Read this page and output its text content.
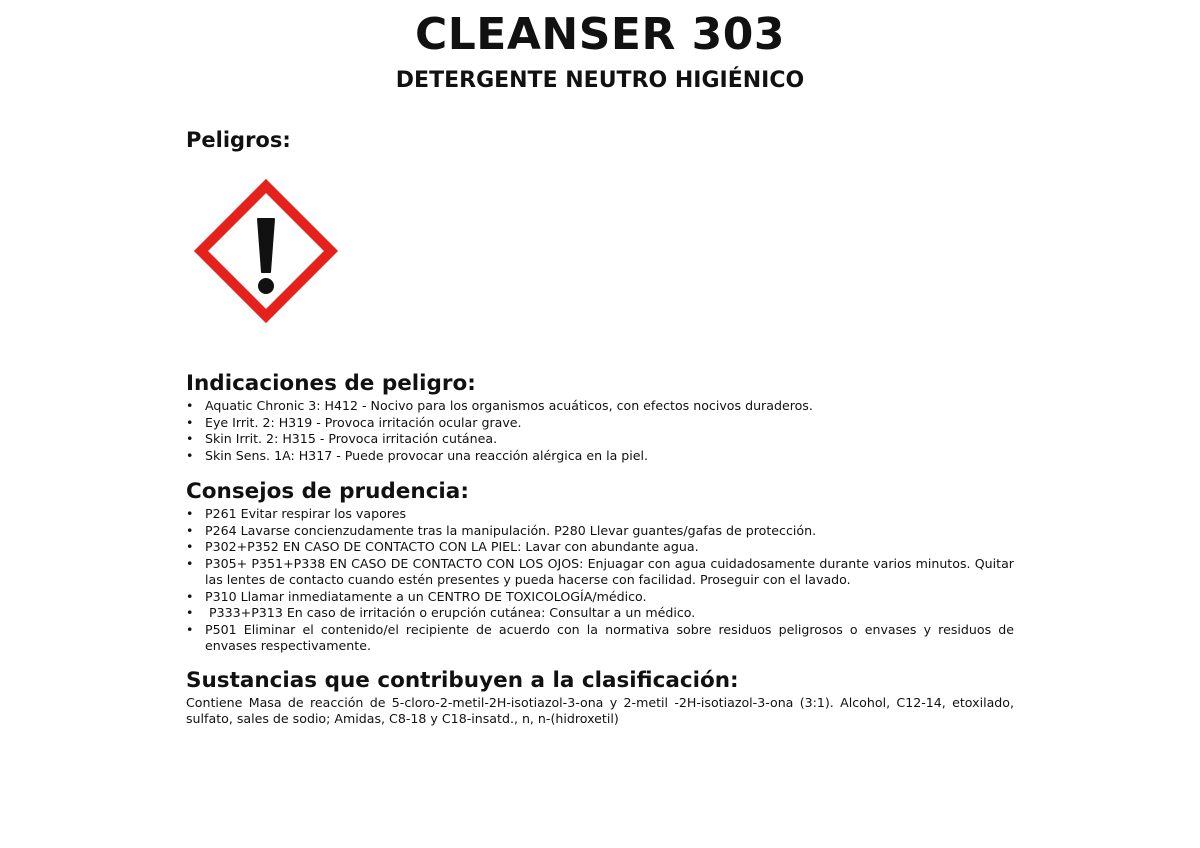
CLEANSER 303
DETERGENTE NEUTRO HIGIÉNICO
Peligros:
Indicaciones de peligro:
• Aquatic Chronic 3: H412 - Nocivo para los organismos acuáticos, con efectos nocivos duraderos.
• Eye Irrit. 2: H319 - Provoca irritación ocular grave.
• Skin Irrit. 2: H315 - Provoca irritación cutánea.
• Skin Sens. 1A: H317 - Puede provocar una reacción alérgica en la piel.
Consejos de prudencia:
• P261 Evitar respirar los vapores
• P264 Lavarse concienzudamente tras la manipulación. P280 Llevar guantes/gafas de protección.
• P302+P352 EN CASO DE CONTACTO CON LA PIEL: Lavar con abundante agua.
• P305+ P351+P338 EN CASO DE CONTACTO CON LOS OJOS: Enjuagar con agua cuidadosamente durante varios minutos. Quitar las lentes de contacto cuando estén presentes y pueda hacerse con facilidad. Proseguir con el lavado.
• P310 Llamar inmediatamente a un CENTRO DE TOXICOLOGÍA/médico.
•  P333+P313 En caso de irritación o erupción cutánea: Consultar a un médico.
• P501 Eliminar el contenido/el recipiente de acuerdo con la normativa sobre residuos peligrosos o envases y residuos de envases respectivamente.
Sustancias que contribuyen a la clasificación:

Contiene Masa de reacción de 5-cloro-2-metil-2H-isotiazol-3-ona y 2-metil -2H-isotiazol-3-ona (3:1). Alcohol, C12-14, etoxilado, sulfato, sales de sodio; Amidas, C8-18 y C18-insatd., n, n-(hidroxetil)
